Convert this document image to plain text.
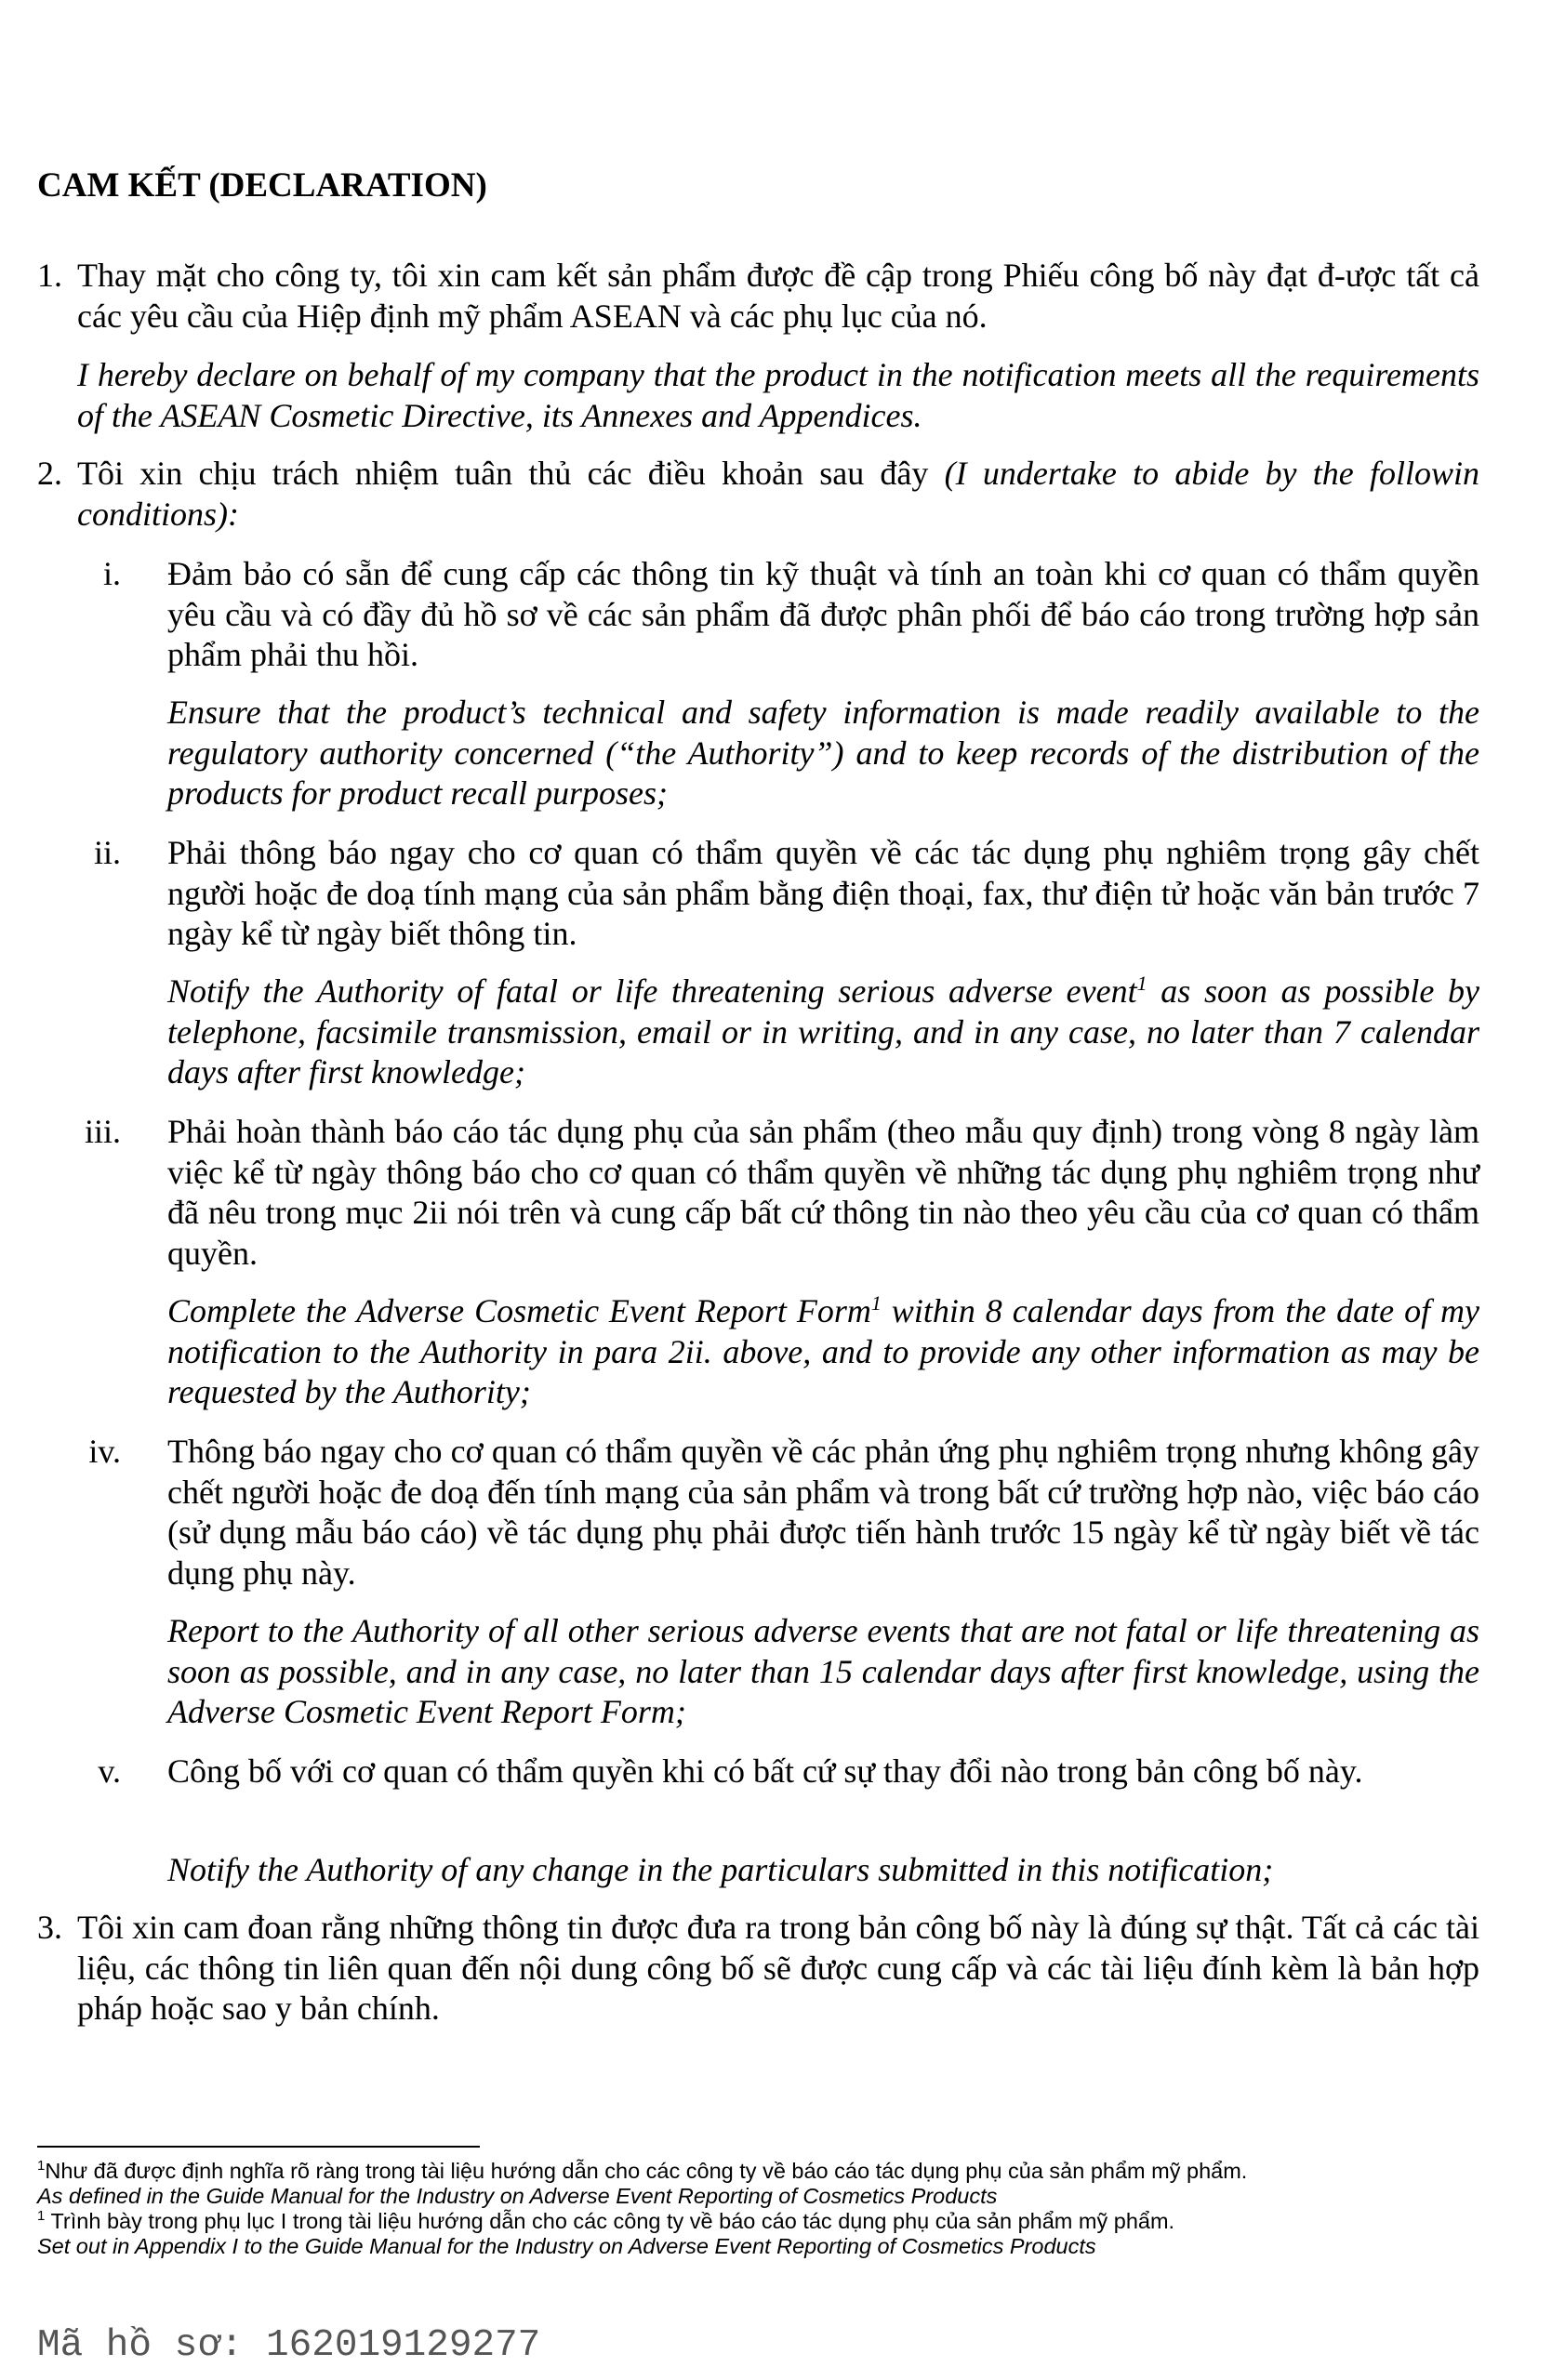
CAM KẾT (DECLARATION)
1. Thay mặt cho công ty, tôi xin cam kết sản phẩm được đề cập trong Phiếu công bố này đạt đ-ược tất cả các yêu cầu của Hiệp định mỹ phẩm ASEAN và các phụ lục của nó.
I hereby declare on behalf of my company that the product in the notification meets all the requirements of the ASEAN Cosmetic Directive, its Annexes and Appendices.
2. Tôi xin chịu trách nhiệm tuân thủ các điều khoản sau đây (I undertake to abide by the followin conditions):
i. Đảm bảo có sẵn để cung cấp các thông tin kỹ thuật và tính an toàn khi cơ quan có thẩm quyền yêu cầu và có đầy đủ hồ sơ về các sản phẩm đã được phân phối để báo cáo trong trường hợp sản phẩm phải thu hồi.
Ensure that the product’s technical and safety information is made readily available to the regulatory authority concerned (“the Authority”) and to keep records of the distribution of the products for product recall purposes;
ii. Phải thông báo ngay cho cơ quan có thẩm quyền về các tác dụng phụ nghiêm trọng gây chết người hoặc đe doạ tính mạng của sản phẩm bằng điện thoại, fax, thư điện tử hoặc văn bản trước 7 ngày kể từ ngày biết thông tin.
Notify the Authority of fatal or life threatening serious adverse event$^1$ as soon as possible by telephone, facsimile transmission, email or in writing, and in any case, no later than 7 calendar days after first knowledge;
iii. Phải hoàn thành báo cáo tác dụng phụ của sản phẩm (theo mẫu quy định) trong vòng 8 ngày làm việc kể từ ngày thông báo cho cơ quan có thẩm quyền về những tác dụng phụ nghiêm trọng như đã nêu trong mục 2ii nói trên và cung cấp bất cứ thông tin nào theo yêu cầu của cơ quan có thẩm quyền.
Complete the Adverse Cosmetic Event Report Form$^1$ within 8 calendar days from the date of my notification to the Authority in para 2ii. above, and to provide any other information as may be requested by the Authority;
iv. Thông báo ngay cho cơ quan có thẩm quyền về các phản ứng phụ nghiêm trọng nhưng không gây chết người hoặc đe doạ đến tính mạng của sản phẩm và trong bất cứ trường hợp nào, việc báo cáo (sử dụng mẫu báo cáo) về tác dụng phụ phải được tiến hành trước 15 ngày kể từ ngày biết về tác dụng phụ này.
Report to the Authority of all other serious adverse events that are not fatal or life threatening as soon as possible, and in any case, no later than 15 calendar days after first knowledge, using the Adverse Cosmetic Event Report Form;
v. Công bố với cơ quan có thẩm quyền khi có bất cứ sự thay đổi nào trong bản công bố này.
Notify the Authority of any change in the particulars submitted in this notification;
3. Tôi xin cam đoan rằng những thông tin được đưa ra trong bản công bố này là đúng sự thật. Tất cả các tài liệu, các thông tin liên quan đến nội dung công bố sẽ được cung cấp và các tài liệu đính kèm là bản hợp pháp hoặc sao y bản chính.
$^1$Như đã được định nghĩa rõ ràng trong tài liệu hướng dẫn cho các công ty về báo cáo tác dụng phụ của sản phẩm mỹ phẩm.
As defined in the Guide Manual for the Industry on Adverse Event Reporting of Cosmetics Products
$^1$ Trình bày trong phụ lục I trong tài liệu hướng dẫn cho các công ty về báo cáo tác dụng phụ của sản phẩm mỹ phẩm.
Set out in Appendix I to the Guide Manual for the Industry on Adverse Event Reporting of Cosmetics Products
Mã hồ sơ: 162019129277
